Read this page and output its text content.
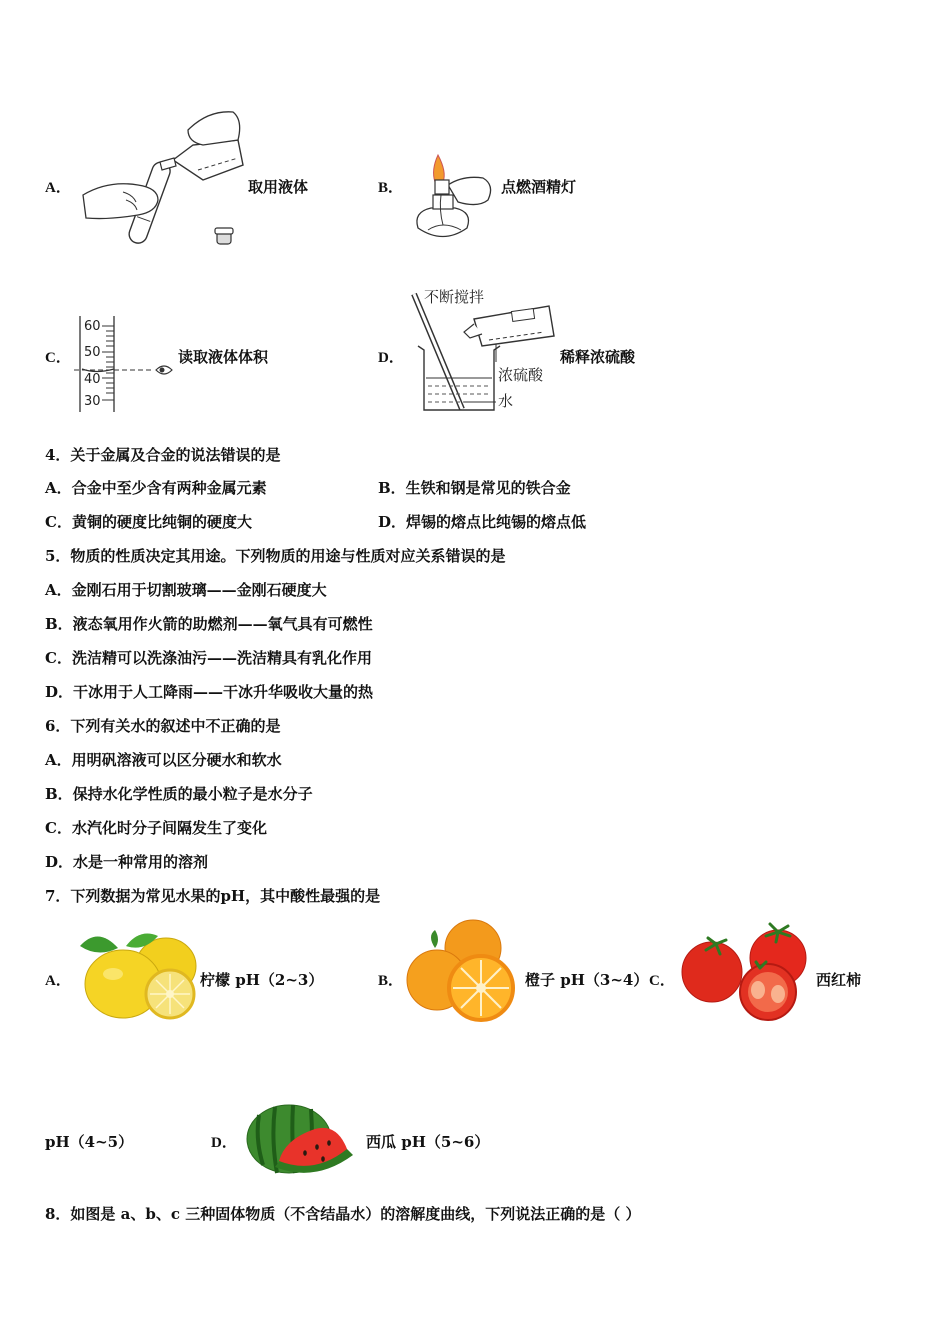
A．	取用液体	B．	点燃酒精灯
C．
60
50
40
30
读取液体体积	D．
不断搅拌
浓硫酸
水
稀释浓硫酸
4．关于金属及合金的说法错误的是
A．合金中至少含有两种金属元素	B．生铁和钢是常见的铁合金
C．黄铜的硬度比纯铜的硬度大	D．焊锡的熔点比纯锡的熔点低
5．物质的性质决定其用途。下列物质的用途与性质对应关系错误的是
A．金刚石用于切割玻璃——金刚石硬度大
B．液态氧用作火箭的助燃剂——氧气具有可燃性
C．洗洁精可以洗涤油污——洗洁精具有乳化作用
D．干冰用于人工降雨——干冰升华吸收大量的热
6．下列有关水的叙述中不正确的是
A．用明矾溶液可以区分硬水和软水
B．保持水化学性质的最小粒子是水分子
C．水汽化时分子间隔发生了变化
D．水是一种常用的溶剂
7．下列数据为常见水果的pH，其中酸性最强的是
A．	柠檬 pH（2~3）	B．	橙子 pH（3~4） C．	西红柿
pH（4~5）	D．	西瓜 pH（5~6）
8．如图是 a、b、c 三种固体物质（不含结晶水）的溶解度曲线，下列说法正确的是（ ）
